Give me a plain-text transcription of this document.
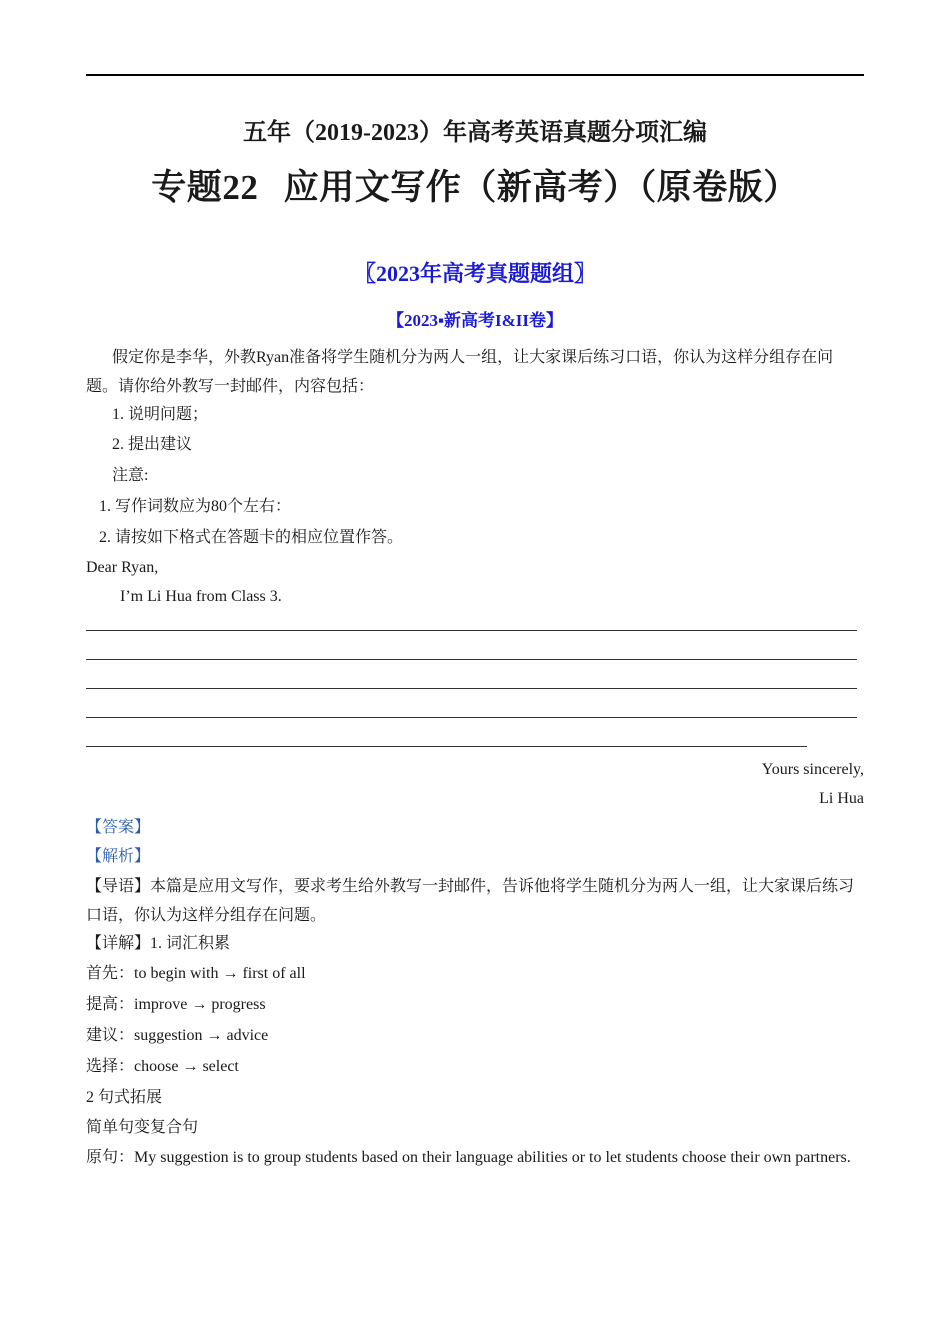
五年（2019-2023）年高考英语真题分项汇编
专题22 应用文写作（新高考）（原卷版）
〖2023年高考真题题组〗
【2023▪新高考I&II卷】
假定你是李华，外教Ryan准备将学生随机分为两人一组，让大家课后练习口语，你认为这样分组存在问题。请你给外教写一封邮件，内容包括：
1. 说明问题；
2. 提出建议
注意:
1. 写作词数应为80个左右：
2. 请按如下格式在答题卡的相应位置作答。
Dear Ryan,
I’m Li Hua from Class 3.
Yours sincerely,
Li Hua
【答案】
【解析】
【导语】本篇是应用文写作，要求考生给外教写一封邮件，告诉他将学生随机分为两人一组，让大家课后练习口语，你认为这样分组存在问题。
【详解】1. 词汇积累
首先：to begin with → first of all
提高：improve → progress
建议：suggestion → advice
选择：choose → select
2 句式拓展
简单句变复合句
原句：My suggestion is to group students based on their language abilities or to let students choose their own partners.
